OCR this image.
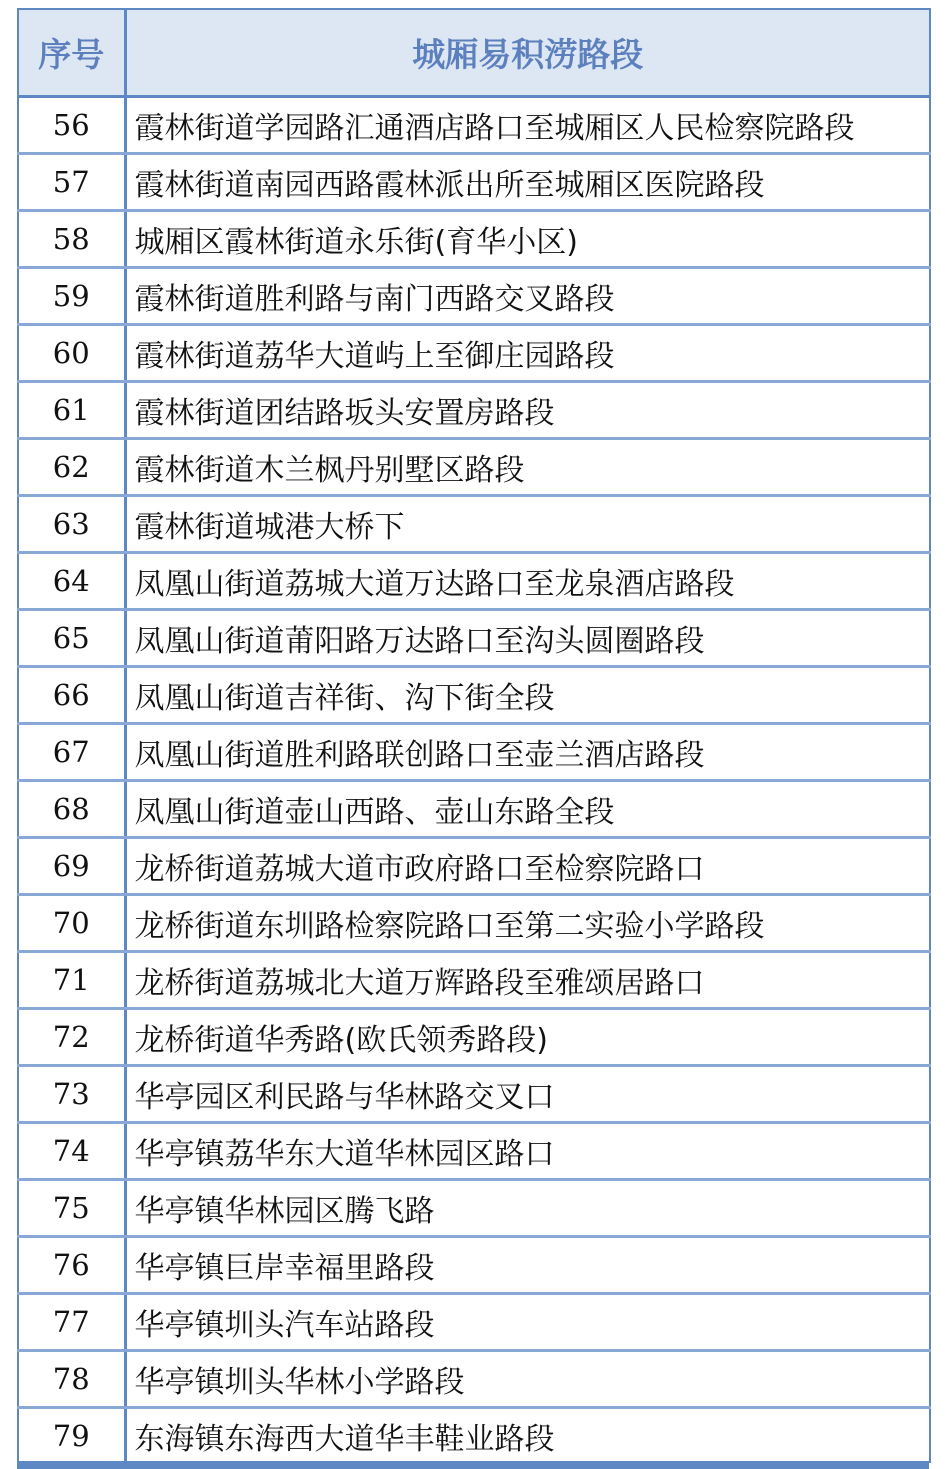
序号	城厢易积涝路段
56	霞林街道学园路汇通酒店路口至城厢区人民检察院路段
57	霞林街道南园西路霞林派出所至城厢区医院路段
58	城厢区霞林街道永乐街(育华小区)
59	霞林街道胜利路与南门西路交叉路段
60	霞林街道荔华大道屿上至御庄园路段
61	霞林街道团结路坂头安置房路段
62	霞林街道木兰枫丹别墅区路段
63	霞林街道城港大桥下
64	凤凰山街道荔城大道万达路口至龙泉酒店路段
65	凤凰山街道莆阳路万达路口至沟头圆圈路段
66	凤凰山街道吉祥街、沟下街全段
67	凤凰山街道胜利路联创路口至壶兰酒店路段
68	凤凰山街道壶山西路、壶山东路全段
69	龙桥街道荔城大道市政府路口至检察院路口
70	龙桥街道东圳路检察院路口至第二实验小学路段
71	龙桥街道荔城北大道万辉路段至雅颂居路口
72	龙桥街道华秀路(欧氏领秀路段)
73	华亭园区利民路与华林路交叉口
74	华亭镇荔华东大道华林园区路口
75	华亭镇华林园区腾飞路
76	华亭镇巨岸幸福里路段
77	华亭镇圳头汽车站路段
78	华亭镇圳头华林小学路段
79	东海镇东海西大道华丰鞋业路段
